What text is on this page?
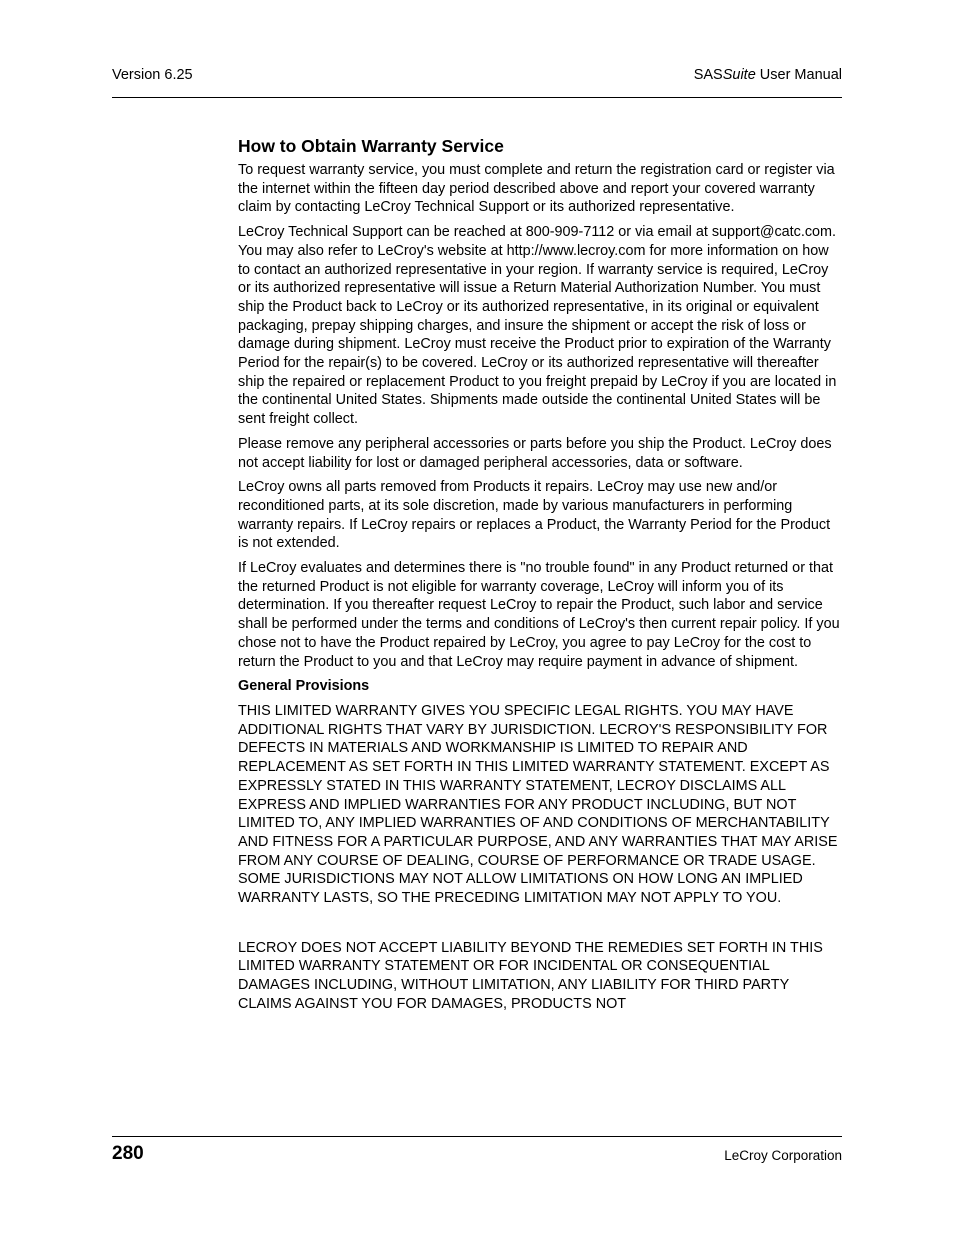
Version 6.25	SASSuite User Manual
How to Obtain Warranty Service

To request warranty service, you must complete and return the registration card or register via the internet within the fifteen day period described above and report your covered warranty claim by contacting LeCroy Technical Support or its authorized representative.

LeCroy Technical Support can be reached at 800-909-7112 or via email at support@catc.com. You may also refer to LeCroy's website at http://www.lecroy.com for more information on how to contact an authorized representative in your region. If warranty service is required, LeCroy or its authorized representative will issue a Return Material Authorization Number. You must ship the Product back to LeCroy or its authorized representative, in its original or equivalent packaging, prepay shipping charges, and insure the shipment or accept the risk of loss or damage during shipment. LeCroy must receive the Product prior to expiration of the Warranty Period for the repair(s) to be covered. LeCroy or its authorized representative will thereafter ship the repaired or replacement Product to you freight prepaid by LeCroy if you are located in the continental United States. Shipments made outside the continental United States will be sent freight collect.

Please remove any peripheral accessories or parts before you ship the Product. LeCroy does not accept liability for lost or damaged peripheral accessories, data or software.

LeCroy owns all parts removed from Products it repairs. LeCroy may use new and/or reconditioned parts, at its sole discretion, made by various manufacturers in performing warranty repairs. If LeCroy repairs or replaces a Product, the Warranty Period for the Product is not extended.

If LeCroy evaluates and determines there is "no trouble found" in any Product returned or that the returned Product is not eligible for warranty coverage, LeCroy will inform you of its determination. If you thereafter request LeCroy to repair the Product, such labor and service shall be performed under the terms and conditions of LeCroy's then current repair policy. If you chose not to have the Product repaired by LeCroy, you agree to pay LeCroy for the cost to return the Product to you and that LeCroy may require payment in advance of shipment.

General Provisions

THIS LIMITED WARRANTY GIVES YOU SPECIFIC LEGAL RIGHTS. YOU MAY HAVE ADDITIONAL RIGHTS THAT VARY BY JURISDICTION. LECROY'S RESPONSIBILITY FOR DEFECTS IN MATERIALS AND WORKMANSHIP IS LIMITED TO REPAIR AND REPLACEMENT AS SET FORTH IN THIS LIMITED WARRANTY STATEMENT. EXCEPT AS EXPRESSLY STATED IN THIS WARRANTY STATEMENT, LECROY DISCLAIMS ALL EXPRESS AND IMPLIED WARRANTIES FOR ANY PRODUCT INCLUDING, BUT NOT LIMITED TO, ANY IMPLIED WARRANTIES OF AND CONDITIONS OF MERCHANTABILITY AND FITNESS FOR A PARTICULAR PURPOSE, AND ANY WARRANTIES THAT MAY ARISE FROM ANY COURSE OF DEALING, COURSE OF PERFORMANCE OR TRADE USAGE. SOME JURISDICTIONS MAY NOT ALLOW LIMITATIONS ON HOW LONG AN IMPLIED WARRANTY LASTS, SO THE PRECEDING LIMITATION MAY NOT APPLY TO YOU.

LECROY DOES NOT ACCEPT LIABILITY BEYOND THE REMEDIES SET FORTH IN THIS LIMITED WARRANTY STATEMENT OR FOR INCIDENTAL OR CONSEQUENTIAL DAMAGES INCLUDING, WITHOUT LIMITATION, ANY LIABILITY FOR THIRD PARTY CLAIMS AGAINST YOU FOR DAMAGES, PRODUCTS NOT

280	LeCroy Corporation
